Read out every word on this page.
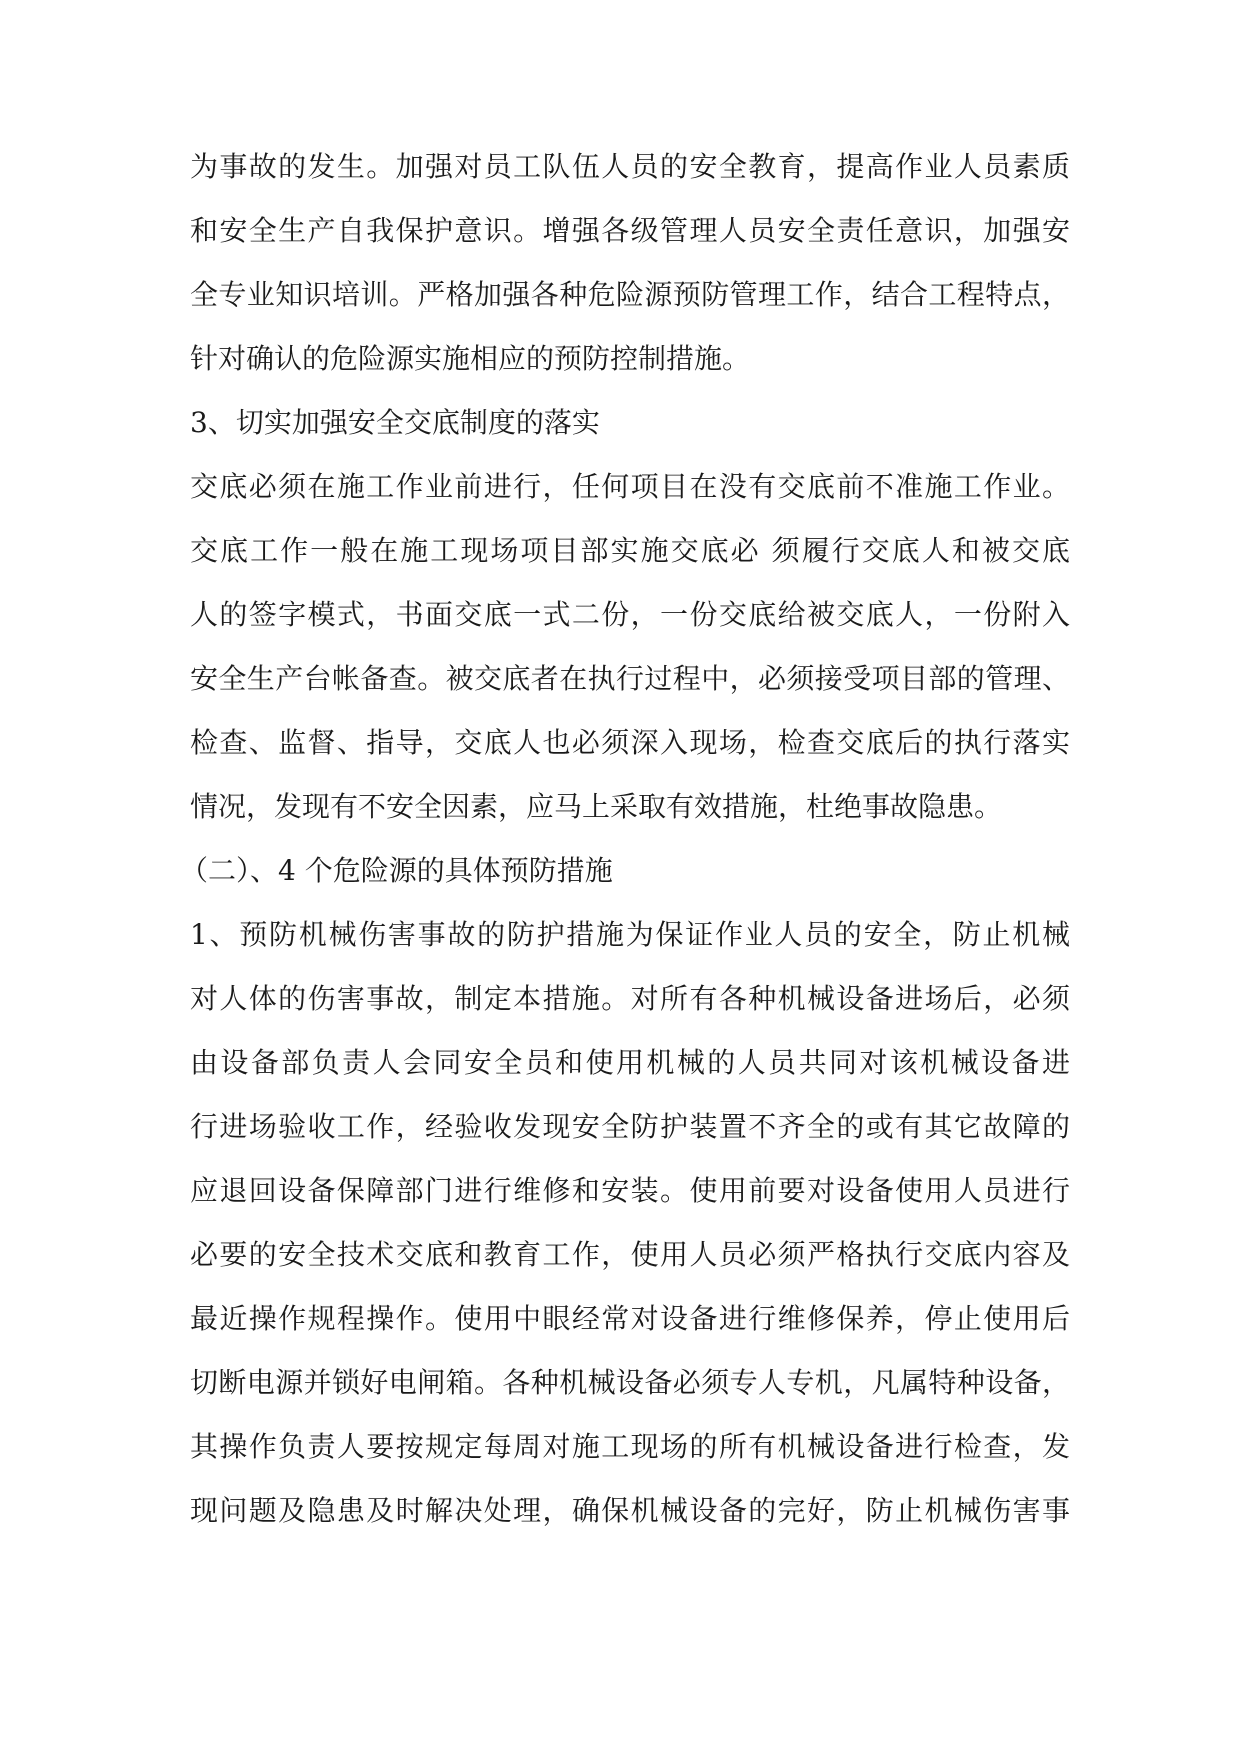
为事故的发生。加强对员工队伍人员的安全教育，提高作业人员素质
和安全生产自我保护意识。增强各级管理人员安全责任意识，加强安
全专业知识培训。严格加强各种危险源预防管理工作，结合工程特点，
针对确认的危险源实施相应的预防控制措施。
3、切实加强安全交底制度的落实
交底必须在施工作业前进行，任何项目在没有交底前不准施工作业。
交底工作一般在施工现场项目部实施交底必 须履行交底人和被交底
人的签字模式，书面交底一式二份，一份交底给被交底人，一份附入
安全生产台帐备查。被交底者在执行过程中，必须接受项目部的管理、
检查、监督、指导，交底人也必须深入现场，检查交底后的执行落实
情况，发现有不安全因素，应马上采取有效措施，杜绝事故隐患。
（二）、4 个危险源的具体预防措施
1、预防机械伤害事故的防护措施为保证作业人员的安全，防止机械
对人体的伤害事故，制定本措施。对所有各种机械设备进场后，必须
由设备部负责人会同安全员和使用机械的人员共同对该机械设备进
行进场验收工作，经验收发现安全防护装置不齐全的或有其它故障的
应退回设备保障部门进行维修和安装。使用前要对设备使用人员进行
必要的安全技术交底和教育工作，使用人员必须严格执行交底内容及
最近操作规程操作。使用中眼经常对设备进行维修保养，停止使用后
切断电源并锁好电闸箱。各种机械设备必须专人专机，凡属特种设备，
其操作负责人要按规定每周对施工现场的所有机械设备进行检查，发
现问题及隐患及时解决处理，确保机械设备的完好，防止机械伤害事
